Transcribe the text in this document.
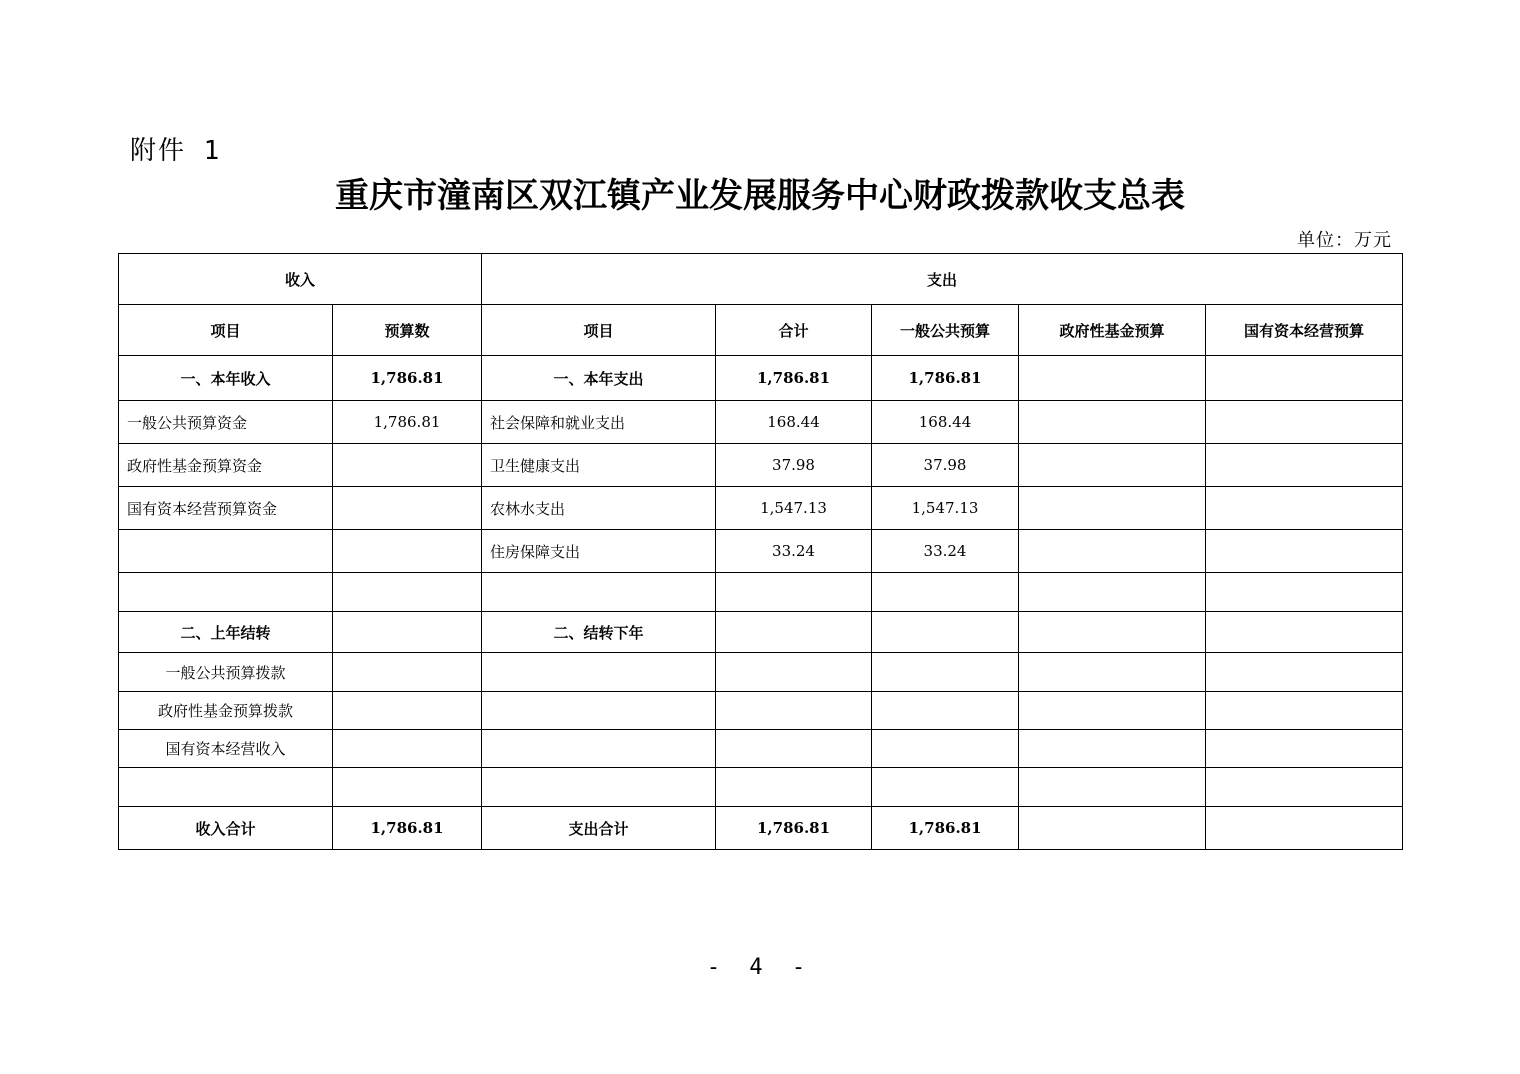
附件 1
重庆市潼南区双江镇产业发展服务中心财政拨款收支总表
单位：万元
收入		支出				
项目	预算数	项目	合计	一般公共预算	政府性基金预算	国有资本经营预算
一、本年收入	1,786.81	一、本年支出	1,786.81	1,786.81		
一般公共预算资金	1,786.81	社会保障和就业支出	168.44	168.44		
政府性基金预算资金		卫生健康支出	37.98	37.98		
国有资本经营预算资金		农林水支出	1,547.13	1,547.13		
		住房保障支出	33.24	33.24		

二、上年结转		二、结转下年				
一般公共预算拨款						
政府性基金预算拨款						
国有资本经营收入						

收入合计	1,786.81	支出合计	1,786.81	1,786.81		
- 4 -
